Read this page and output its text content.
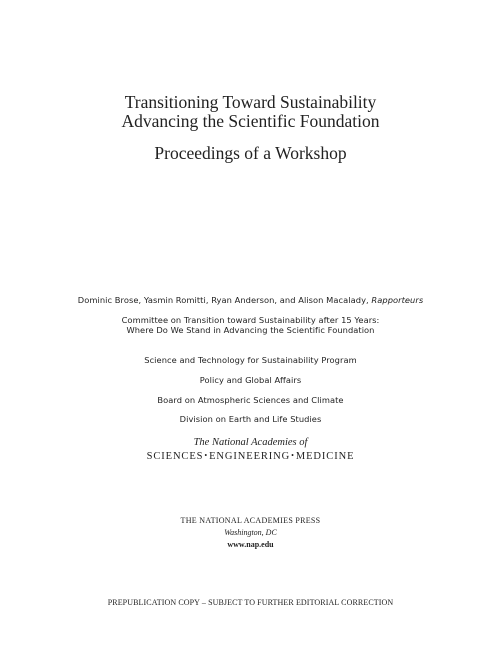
Transitioning Toward Sustainability
Advancing the Scientific Foundation
Proceedings of a Workshop
Dominic Brose, Yasmin Romitti, Ryan Anderson, and Alison Macalady, Rapporteurs
Committee on Transition toward Sustainability after 15 Years:
Where Do We Stand in Advancing the Scientific Foundation
Science and Technology for Sustainability Program
Policy and Global Affairs
Board on Atmospheric Sciences and Climate
Division on Earth and Life Studies
The National Academies of
SCIENCES•ENGINEERING•MEDICINE
THE NATIONAL ACADEMIES PRESS
Washington, DC
www.nap.edu
PREPUBLICATION COPY – SUBJECT TO FURTHER EDITORIAL CORRECTION
